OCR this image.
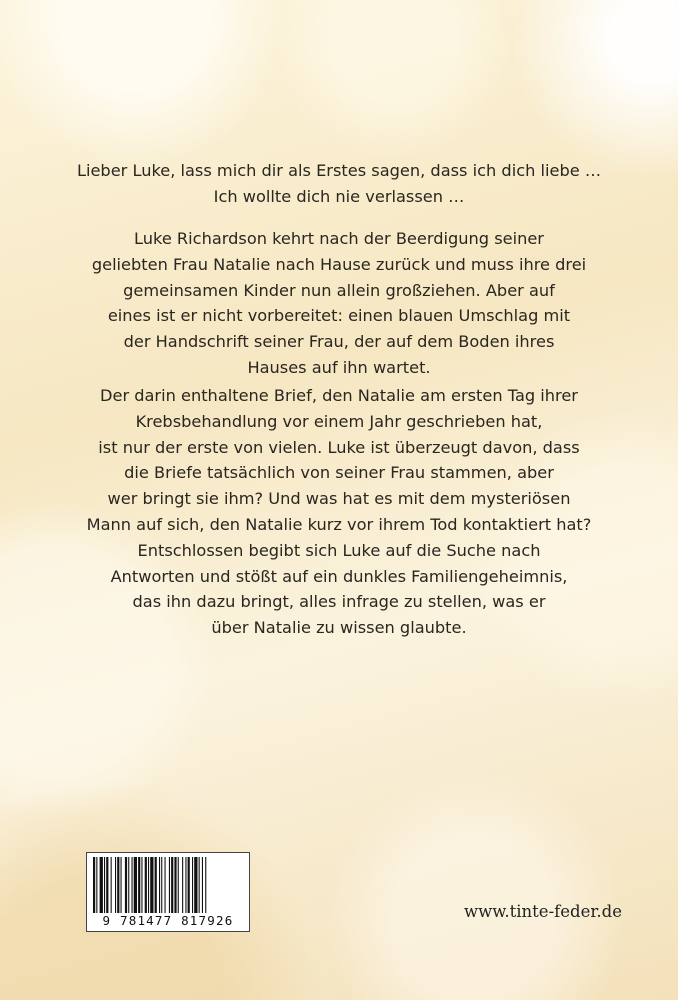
Lieber Luke, lass mich dir als Erstes sagen, dass ich dich liebe …
Ich wollte dich nie verlassen …

Luke Richardson kehrt nach der Beerdigung seiner
geliebten Frau Natalie nach Hause zurück und muss ihre drei
gemeinsamen Kinder nun allein großziehen. Aber auf
eines ist er nicht vorbereitet: einen blauen Umschlag mit
der Handschrift seiner Frau, der auf dem Boden ihres
Hauses auf ihn wartet.

Der darin enthaltene Brief, den Natalie am ersten Tag ihrer
Krebsbehandlung vor einem Jahr geschrieben hat,
ist nur der erste von vielen. Luke ist überzeugt davon, dass
die Briefe tatsächlich von seiner Frau stammen, aber
wer bringt sie ihm? Und was hat es mit dem mysteriösen
Mann auf sich, den Natalie kurz vor ihrem Tod kontaktiert hat?
Entschlossen begibt sich Luke auf die Suche nach
Antworten und stößt auf ein dunkles Familiengeheimnis,
das ihn dazu bringt, alles infrage zu stellen, was er
über Natalie zu wissen glaubte.

9 781477 817926	www.tinte-feder.de
